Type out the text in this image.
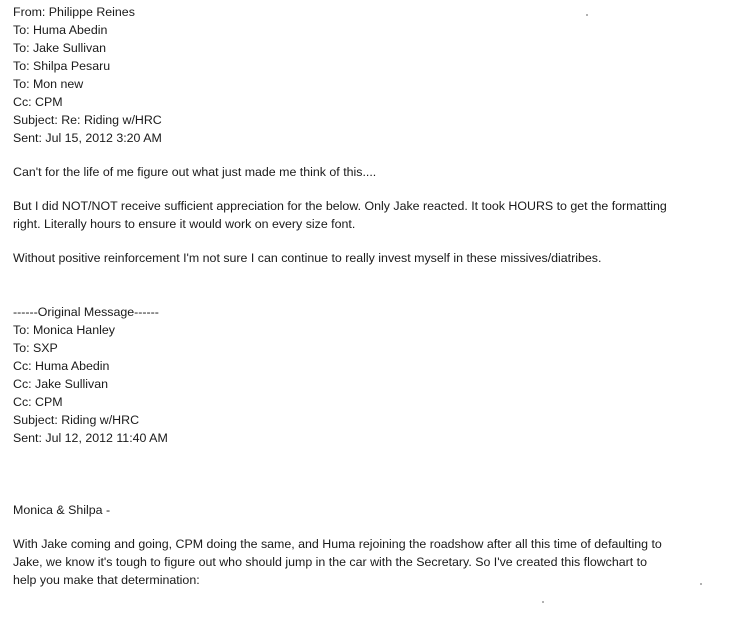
From: Philippe Reines
To: Huma Abedin
To: Jake Sullivan
To: Shilpa Pesaru
To: Mon new
Cc: CPM
Subject: Re: Riding w/HRC
Sent: Jul 15, 2012 3:20 AM
Can't for the life of me figure out what just made me think of this....
But I did NOT/NOT receive sufficient appreciation for the below. Only Jake reacted. It took HOURS to get the formatting
right. Literally hours to ensure it would work on every size font.
Without positive reinforcement I'm not sure I can continue to really invest myself in these missives/diatribes.
------Original Message------
To: Monica Hanley
To: SXP
Cc: Huma Abedin
Cc: Jake Sullivan
Cc: CPM
Subject: Riding w/HRC
Sent: Jul 12, 2012 11:40 AM
Monica & Shilpa -
With Jake coming and going, CPM doing the same, and Huma rejoining the roadshow after all this time of defaulting to
Jake, we know it's tough to figure out who should jump in the car with the Secretary. So I've created this flowchart to
help you make that determination:
